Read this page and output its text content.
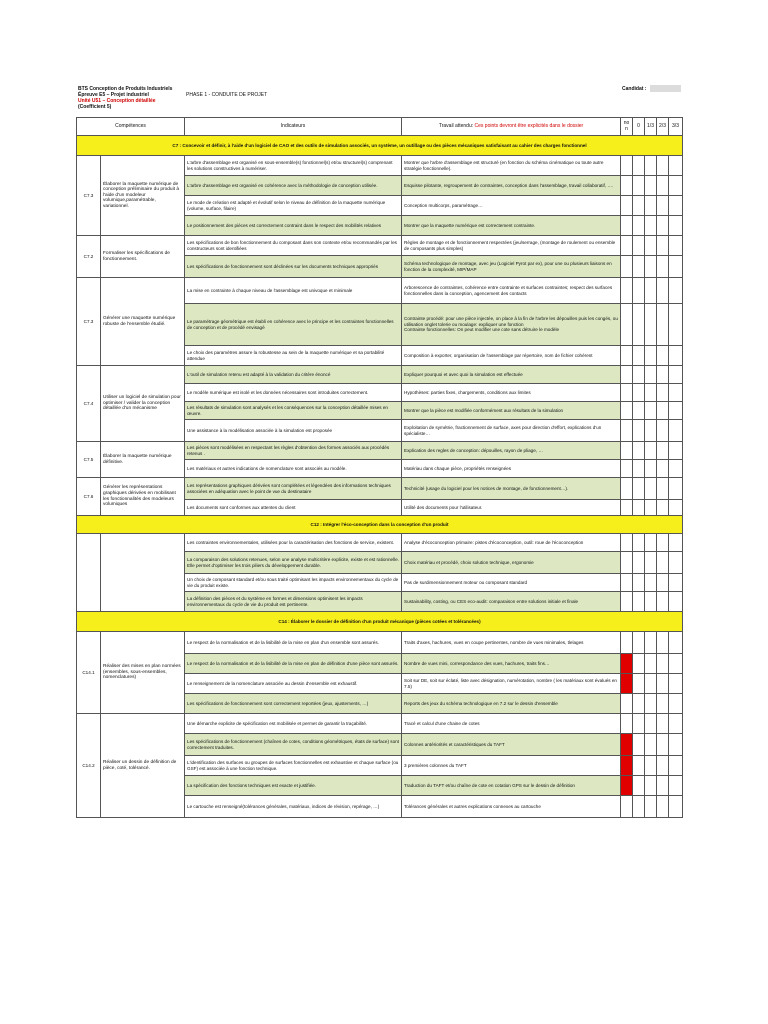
BTS Conception de Produits Industriels
Épreuve E5 – Projet industriel
Unité U51 – Conception détaillée
(Coefficient 5)
PHASE 1 - CONDUITE DE PROJET
Candidat :
Compétences		Indicateurs	Travail attendu: Ces points devront être explicités dans le dossier	no n	0	1/3	2/3	3/3
C7 : Concevoir et définir, à l'aide d'un logiciel de CAO et des outils de simulation associés, un système, un outillage ou des pièces mécaniques satisfaisant au cahier des charges fonctionnel								
C7.3	Élaborer la maquette numérique de conception préliminaire du produit à l'aide d'un modeleur volumique,paramétrable, variationnel.	L'arbre d'assemblage est organisé en sous-ensemble(s) fonctionnel(s) et/ou structurel(s) comprenant les solutions constructives à numériser.	Montrer que l'arbre d'assemblage est structuré (en fonction du schéma cinématique ou toute autre stratégie fonctionnelle).					
		L'arbre d'assemblage est organisé en cohérence avec la méthodologie de conception utilisée.	Esquisse pilotante, regroupement de contraintes, conception dans l'assemblage, travail collaboratif, ….					
		Le mode de création est adapté et évolutif selon le niveau de définition de la maquette numérique (volume, surface, filaire)	Conception multicorps, paramétrage…					
		Le positionnement des pièces est correctement contraint dans le respect des mobilités relatives	Montrer que la maquette numérique est correctement contrainte.					
C7.2	Formaliser les spécifications de fonctionnement.	Les spécifications de bon fonctionnement du composant dans son contexte et/ou recommandés par les constructeurs sont identifiées	Règles de montage et de fonctionnement respectées (jeu/serrage, (montage de roulement ou ensemble de composants plus simples)					
		Les spécifications de fonctionnement sont déclinées sur les documents techniques appropriés	Schéma technologique de montage, avec jeu (Logiciel Pyrot par ex), pour une ou plusieurs liaisons en fonction de la complexité, MIP/MAP					
C7.3	Générer une maquette numérique robuste de l'ensemble étudié.	La mise en contrainte à chaque niveau de l'assemblage est univoque et minimale	Arborescence de contraintes, cohérence entre contrainte et surfaces contraintes; respect des surfaces fonctionnelles dans la conception, agencement des contacts					
		Le paramétrage géométrique est établi en cohérence avec le principe et les contraintes fonctionnelles de conception et de procédé envisagé	Contrainte procédé: pour une pièce injectée, on place à la fin de l'arbre les dépouilles puis les congés, ou utilisation onglet tolerie ou moulage: expliquer une fonction
Contrainte fonctionnelles: On peut modifier une cote sans détruire le modèle					
		Le choix des paramètres assure la robustesse au sein de la maquette numérique et sa portabilité attendue	Composition à exporter, organisation de l'assemblage par répertoire, nom de fichier cohérent					
C7.4	Utiliser un logiciel de simulation pour optimiser / valider la conception détaillée d'un mécanisme	L'outil de simulation retenu est adapté à la validation du critère énoncé	Expliquer pourquoi et avec quoi la simulation est effectuée					
		Le modèle numérique est isolé et les données nécessaires sont introduites correctement.	Hypothèses: parties fixes, chargements, conditions aux limites					
		Les résultats de simulation sont analysés et les conséquences sur la conception détaillée mises en œuvre.	Montrer que la pièce est modifiée conformément aux résultats de la simulation					
		Une assistance à la modélisation associée à la simulation est proposée	Exploitation de symétrie, fractionnement de surface, axes pour direction d'effort, explications d'un spécialiste…					
C7.5	Élaborer la maquette numérique définitive.	Les pièces sont modélisées en respectant les règles d'obtention des formes associés aux procédés retenus .	Explication des regles de conception: dépouilles, rayon de pliage, …					
		Les matériaux et autres indications de nomenclature sont associés au modèle.	Matériau dans chaque pièce, propriétés renseignées					
C7.6	Générer les représentations graphiques dérivées en mobilisant les fonctionnalités des modeleurs volumiques	Les représentations graphiques dérivées sont complétées et légendées des informations techniques associées en adéquation avec le point de vue du destinataire	Technicité (usage du logiciel pour les notices de montage, de fonctionnement…).					
		Les documents sont conformes aux attentes du client	Utilité des documents pour l'utilisateur.					
C12 : Intégrer l'éco-conception dans la conception d'un produit								
		Les contraintes environnementales, utilisées pour la caractérisation des fonctions de service, existent.	Analyse d'écoconception primaire: pistes d'écoconception, outil: roue de l'écoconception					
		La comparaison des solutions retenues, selon une analyse multicritère explicite, existe et est rationnelle.
Elle permet d'optimiser les trois piliers du développement durable.	Choix matériau et procédé, choix solution technique, ergonomie					
		Un choix de composant standard et/ou sous traité optimisant les impacts environnementaux du cycle de vie du produit existe.	Pas de surdimensionnement moteur ou composant standard					
		La définition des pièces et du système en formes et dimensions optimisent les impacts environnementaux du cycle de vie du produit est pertinente.	Sustainability, costing, ou CES eco-audit: comparaison entre solutions initiale et finale					
C14 : Élaborer le dossier de définition d'un produit mécanique (pièces cotées et tolérancées)								
C14.1	Réaliser des mises en plan normées (ensembles, sous-ensembles, nomenclatures)	Le respect de la normalisation et de la lisibilité de la mise en plan d'un ensemble sont assurés.	Traits d'axes, hachures, vues en coupe pertinentes, nombre de vues minimales, tlelages					
		Le respect de la normalisation et de la lisibilité de la mise en plan de définition d'une pièce sont assurés.	Nombre de vues mini, correspondance des vues, hachures, traits fins…					
		Le renseignement de la nomenclature associée au dessin d'ensemble est exhaustif.	Soit sur DE, soit sur éclaté, liste avec désignation, numérotation, nombre ( les matériaux sont évalués en 7.5)					
		Les spécifications de fonctionnement sont correctement reportées (jeux, ajustements, …)	Reports des jeux du schéma technologique en 7.2 sur le dessin d'ensemble					
C14.2	Réaliser un dessin de définition de pièce, coté, tolérancé.	Une démarche explicite de spécification est mobilisée et permet de garantir la traçabilité.	Tracé et calcul d'une chaine de cotes					
		Les spécifications de fonctionnement (chaînes de cotes, conditions géométriques, états de surface) sont correctement traduites.	Colonnes antériorités et caractéristiques du TAFT					
		L'identification des surfaces ou groupes de surfaces fonctionnelles est exhaustive et chaque surface (ou GSF) est associée à une fonction technique.	3 premières colonnes du TAFT					
		La spécification des fonctions techniques est exacte et justifiée.	Traduction du TAFT et/ou chaîne de cote en cotation GPS sur le dessin de définition					
		Le cartouche est renseigné(tolérances générales, matériaux, indices de révision, repérage, …)	Tolérances générales et autres explications connexes au cartouche					
